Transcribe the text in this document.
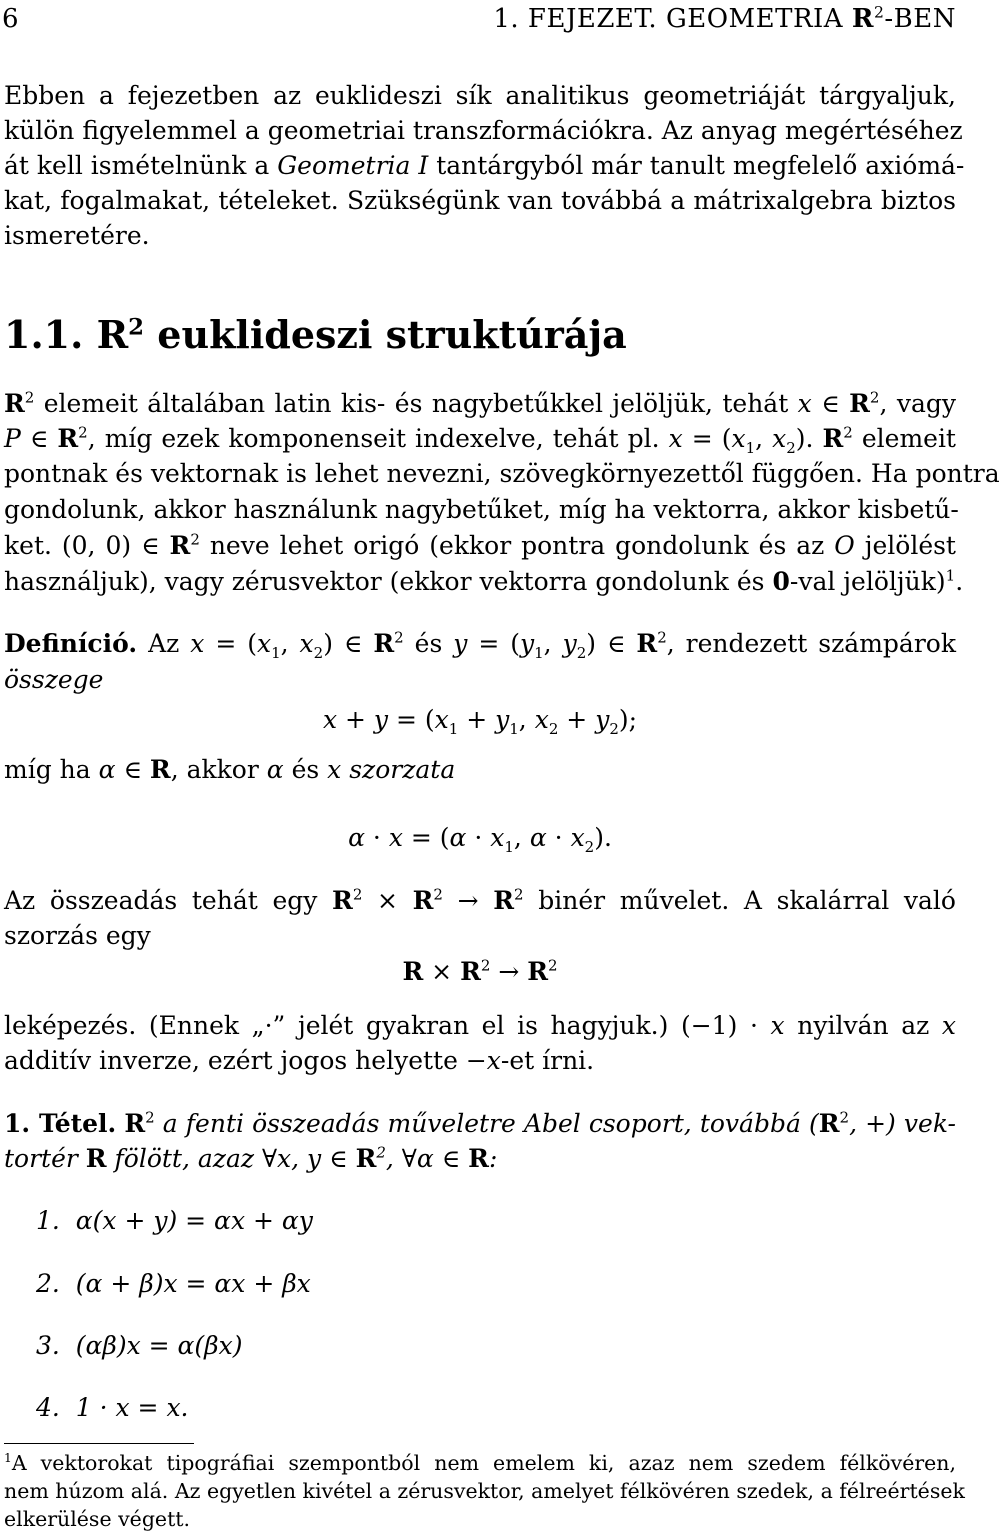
6	1. FEJEZET. GEOMETRIA $R^2$-BEN
Ebben a fejezetben az euklideszi sík analitikus geometriáját tárgyaljuk,
külön figyelemmel a geometriai transzformációkra. Az anyag megértéséhez
át kell ismételnünk a Geometria I tantárgyból már tanult megfelelő axiómá-
kat, fogalmakat, tételeket. Szükségünk van továbbá a mátrixalgebra biztos
ismeretére.
1.1. $R^2$ euklideszi struktúrája
$R^2$ elemeit általában latin kis- és nagybetűkkel jelöljük, tehát x ∈ $R^2$, vagy
P ∈ $R^2$, míg ezek komponenseit indexelve, tehát pl. $x = (x_1$, $x_2$). $R^2$ elemeit
pontnak és vektornak is lehet nevezni, szövegkörnyezettől függően. Ha pontra
gondolunk, akkor használunk nagybetűket, míg ha vektorra, akkor kisbetű-
ket. (0, 0) ∈ $R^2$ neve lehet origó (ekkor pontra gondolunk és az O jelölést
használjuk), vagy zérusvektor (ekkor vektorra gondolunk és 0-val jelöljük)$^1$.
Definíció. Az $x = (x_1$, $x_2$) ∈ $R^2$ és $y = (y_1$, $y_2$) ∈ $R^2$, rendezett számpárok
összege
$x + y = (x_1 + y_1$, $x_2 + y_2$);
míg ha α ∈ R, akkor α és x szorzata
$\alpha \cdot x = (\alpha \cdot x_1$, $\alpha \cdot x_2$).
Az összeadás tehát egy $R^2 \times R^2 \to R^2$ binér művelet. A skalárral való
szorzás egy
$R \times R^2 \to R^2$
leképezés. (Ennek „·” jelét gyakran el is hagyjuk.) (−1) · x nyilván az x
additív inverze, ezért jogos helyette −x-et írni.
1. Tétel. $R^2$ a fenti összeadás műveletre Abel csoport, továbbá ($R^2$, +) vek-
tortér R fölött, azaz ∀x, y ∈ $R^2$, ∀α ∈ R:
1. α(x + y) = αx + αy
2. (α + β)x = αx + βx
3. (αβ)x = α(βx)
4. 1 · x = x.
$^1$A vektorokat tipográfiai szempontból nem emelem ki, azaz nem szedem félkövéren,
nem húzom alá. Az egyetlen kivétel a zérusvektor, amelyet félkövéren szedek, a félreértések
elkerülése végett.
